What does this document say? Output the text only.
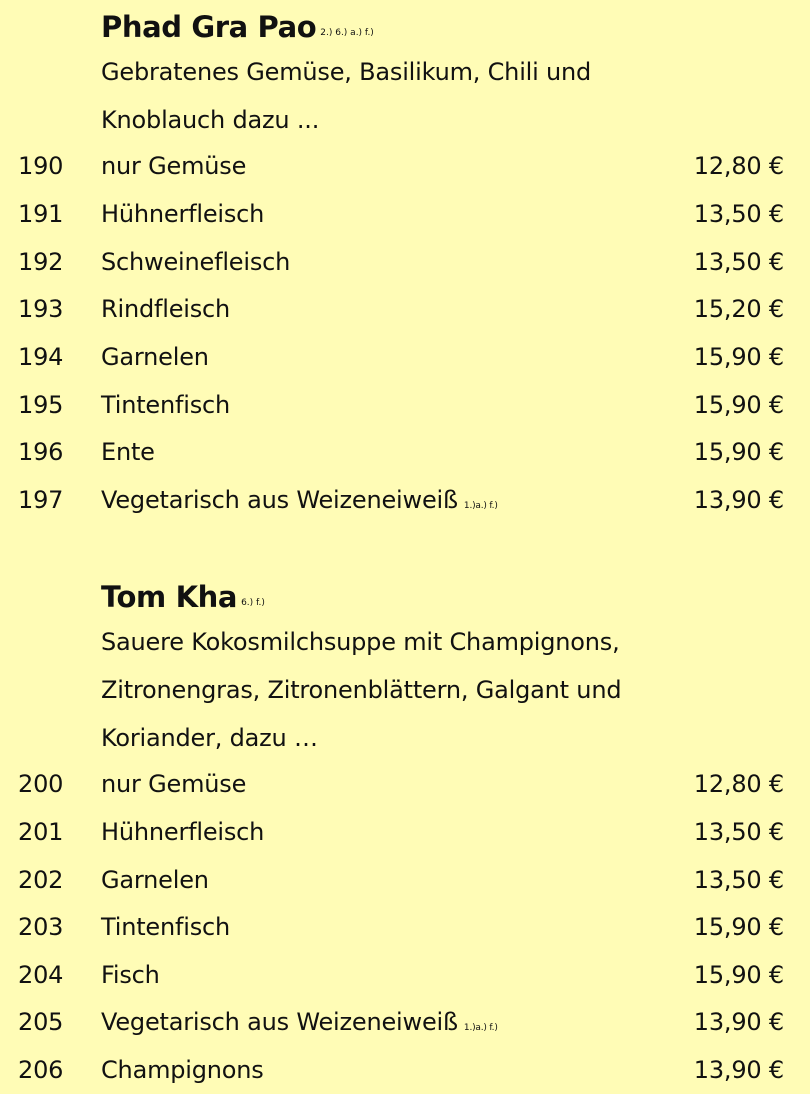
Phad Gra Pao 2.) 6.) a.) f.)
Gebratenes Gemüse, Basilikum, Chili und
Knoblauch dazu ...
190	nur Gemüse	12,80 €
191	Hühnerfleisch	13,50 €
192	Schweinefleisch	13,50 €
193	Rindfleisch	15,20 €
194	Garnelen	15,90 €
195	Tintenfisch	15,90 €
196	Ente	15,90 €
197	Vegetarisch aus Weizeneiweiß 1.)a.) f.)	13,90 €
Tom Kha 6.) f.)
Sauere Kokosmilchsuppe mit Champignons,
Zitronengras, Zitronenblättern, Galgant und
Koriander, dazu …
200	nur Gemüse	12,80 €
201	Hühnerfleisch	13,50 €
202	Garnelen	13,50 €
203	Tintenfisch	15,90 €
204	Fisch	15,90 €
205	Vegetarisch aus Weizeneiweiß 1.)a.) f.)	13,90 €
206	Champignons	13,90 €
